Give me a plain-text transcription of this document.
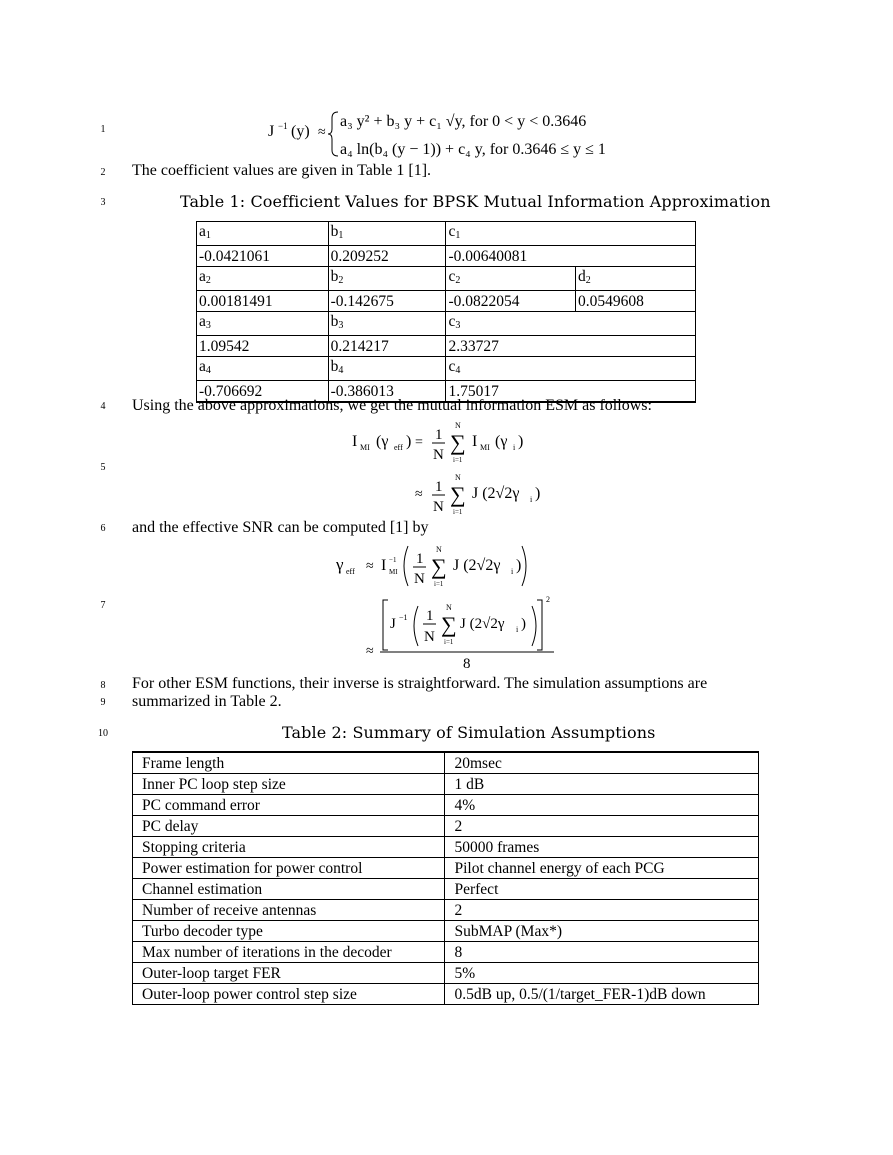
1
2
3
4
5
6
7
8
9
10
J −1 (y) ≈
a₃ y² + b₃ y + c₁ √y, for 0 < y < 0.3646
a₄ ln(b₄ (y − 1)) + c₄ y, for 0.3646 ≤ y ≤ 1
The coefficient values are given in Table 1 [1].
Table 1: Coefficient Values for BPSK Mutual Information Approximation
$a_1$	$b_1$	$c_1$
-0.0421061	0.209252	-0.00640081	
$a_2$	$b_2$	$c_2$	$d_2$
0.00181491	-0.142675	-0.0822054	0.0549608
$a_3$	$b_3$	$c_3$
1.09542	0.214217	2.33727	
$a_4$	$b_4$	$c_4$
-0.706692	-0.386013	1.75017	
Using the above approximations, we get the mutual information ESM as follows:
I MI (γ eff ) = 1
N
N
∑
i=1
I MI (γ i )
≈ 1
N
N
∑
i=1
J (2√2γ i )
and the effective SNR can be computed [1] by
γ eff ≈ I −1
MI
1
N
N
∑
i=1
J (2√2γ i )
≈
J −1 1
N
N
∑
i=1
J (2√2γ i )
2
8
For other ESM functions, their inverse is straightforward. The simulation assumptions are
summarized in Table 2.
Table 2: Summary of Simulation Assumptions
Frame length	20msec
Inner PC loop step size	1 dB
PC command error	4%
PC delay	2
Stopping criteria	50000 frames
Power estimation for power control	Pilot channel energy of each PCG
Channel estimation	Perfect
Number of receive antennas	2
Turbo decoder type	SubMAP (Max*)
Max number of iterations in the decoder	8
Outer-loop target FER	5%
Outer-loop power control step size	0.5dB up, 0.5/(1/target_FER-1)dB down
